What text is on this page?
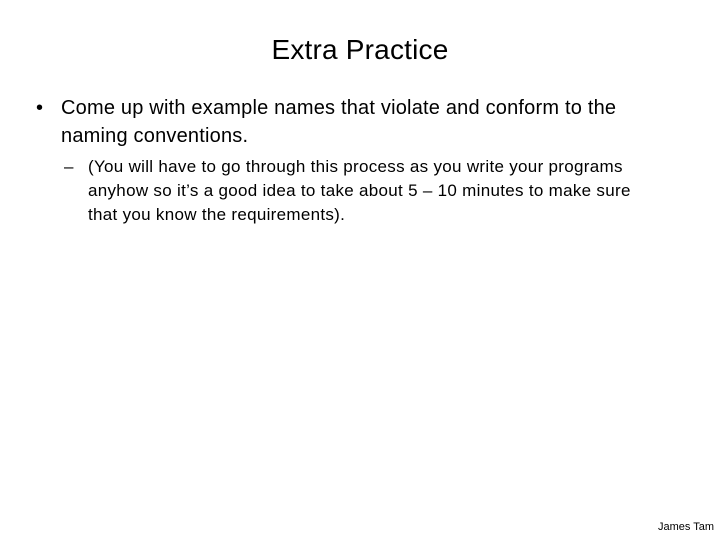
Extra Practice
• Come up with example names that violate and conform to the naming conventions.
– (You will have to go through this process as you write your programs anyhow so it’s a good idea to take about 5 – 10 minutes to make sure that you know the requirements).
James Tam
